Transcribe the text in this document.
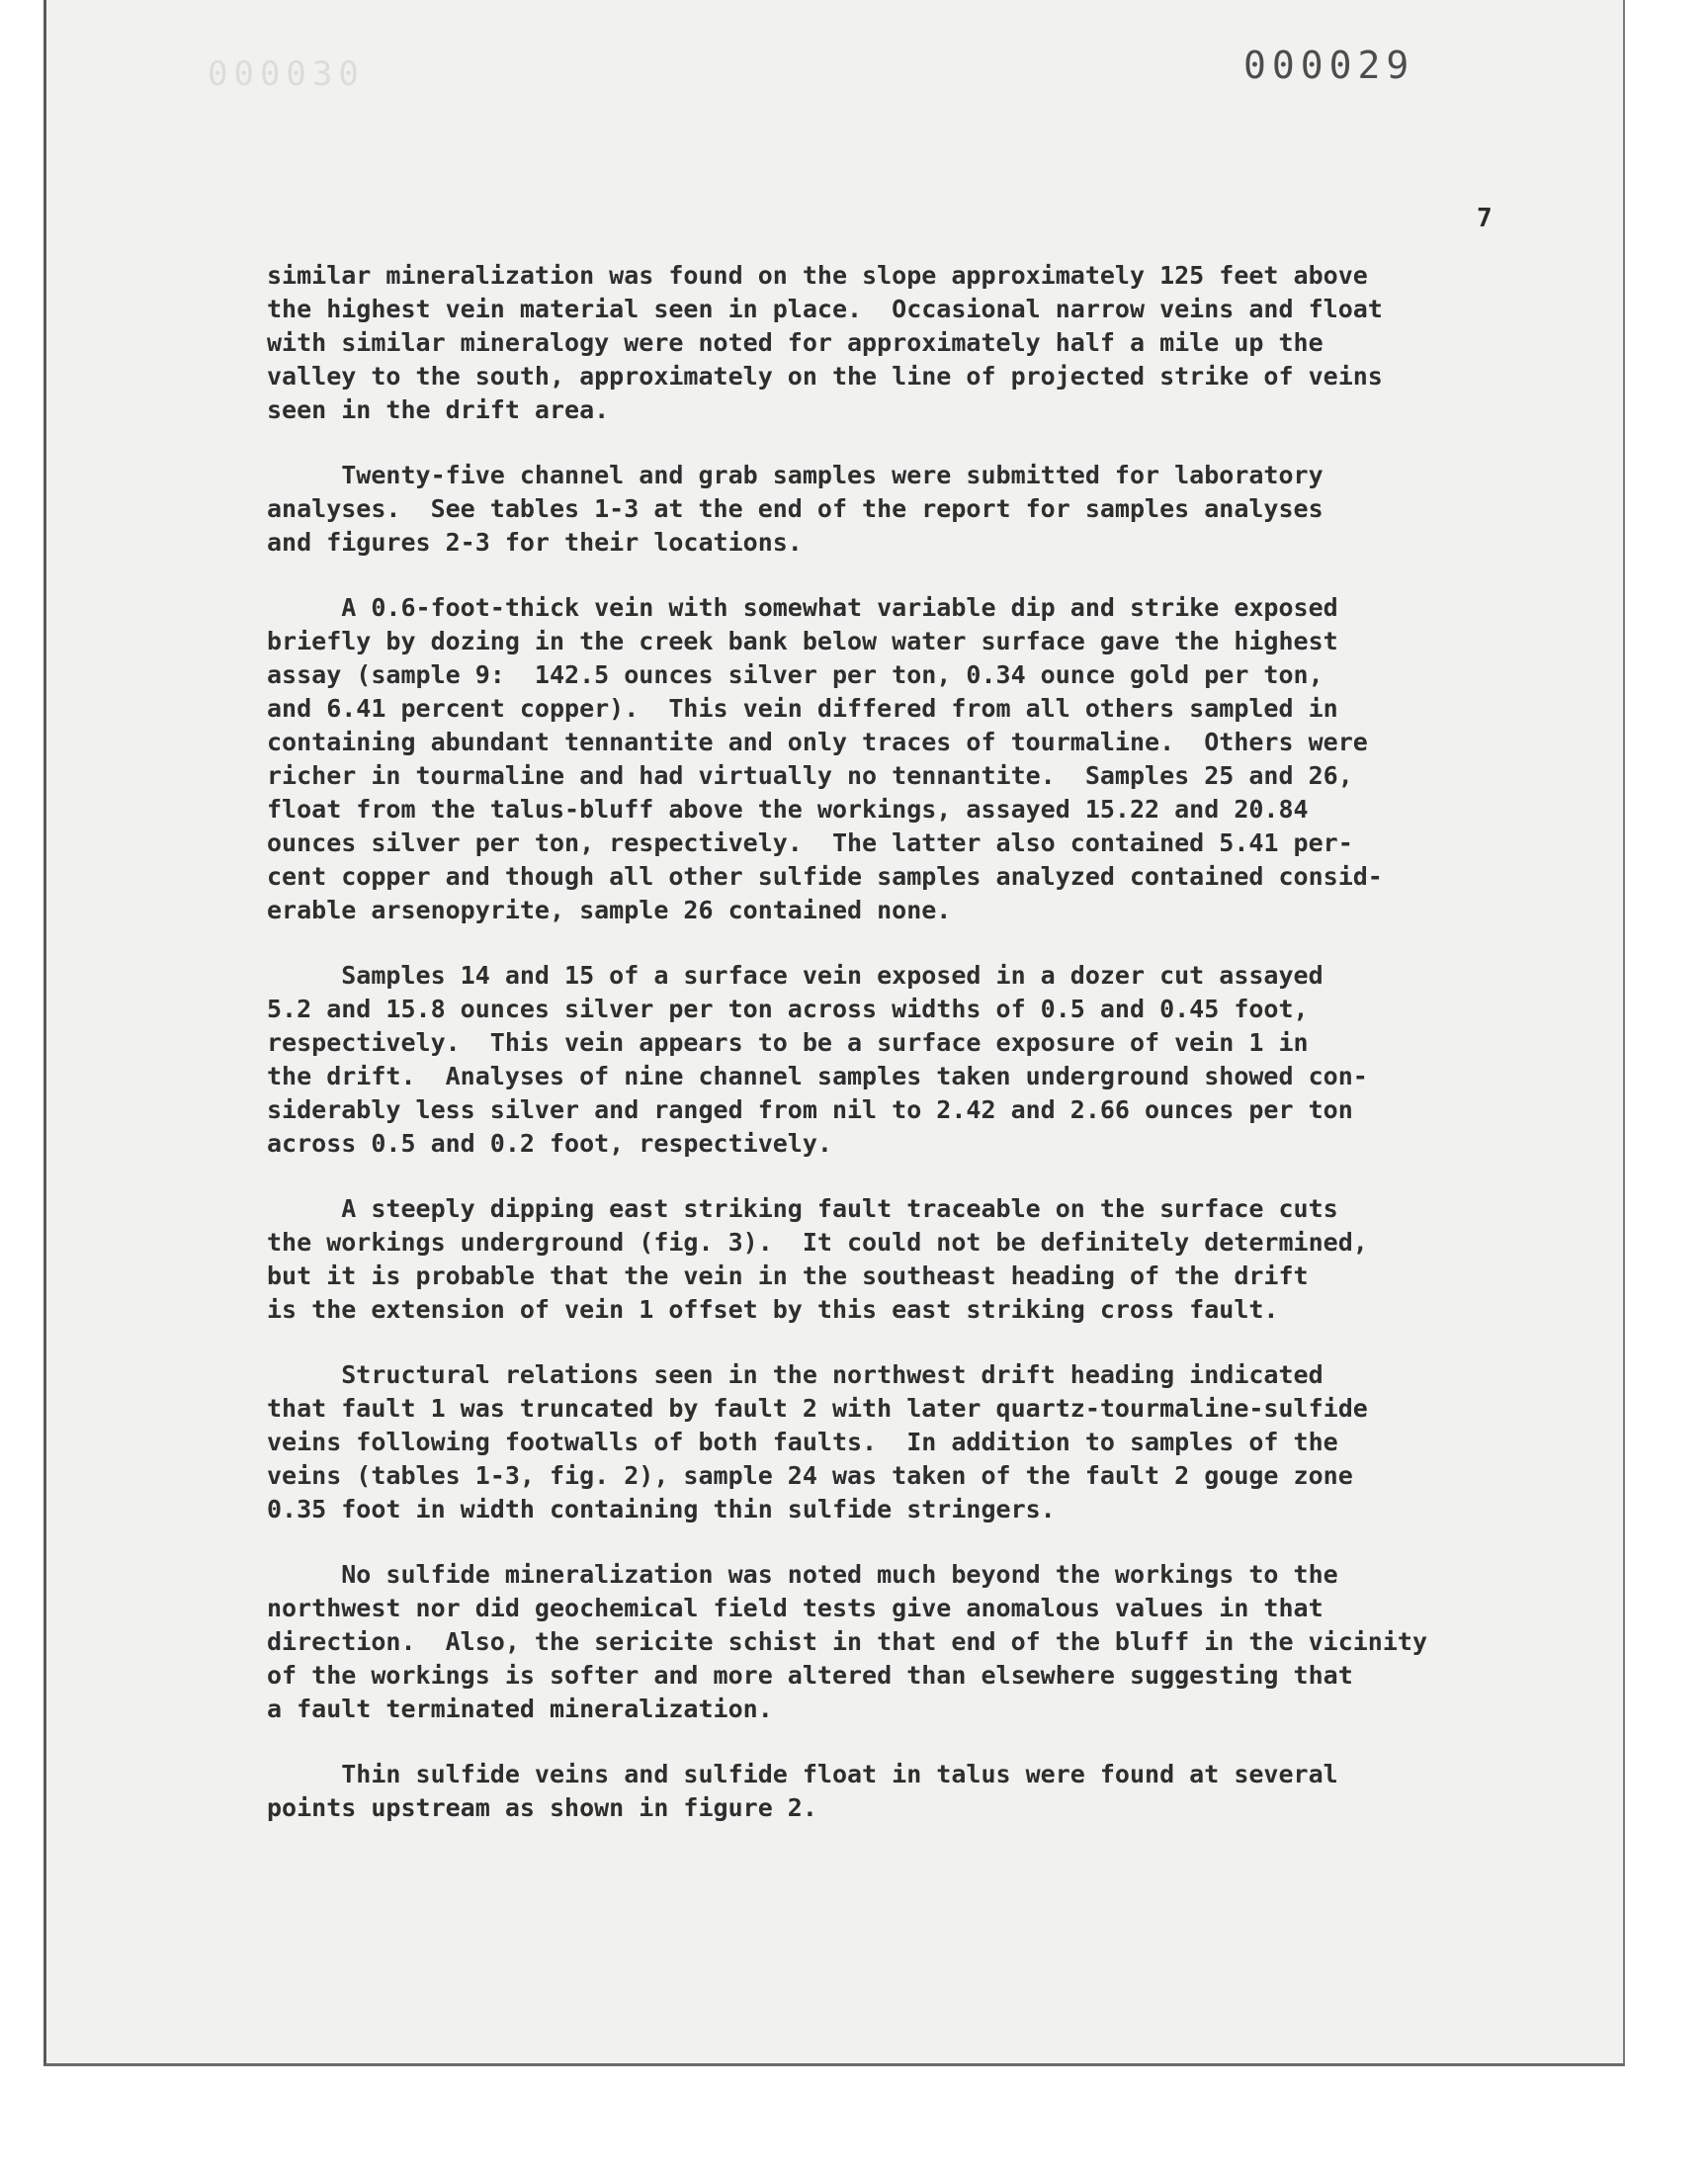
000030	000029
7

similar mineralization was found on the slope approximately 125 feet above
the highest vein material seen in place.  Occasional narrow veins and float
with similar mineralogy were noted for approximately half a mile up the
valley to the south, approximately on the line of projected strike of veins
seen in the drift area.

Twenty-five channel and grab samples were submitted for laboratory
analyses.  See tables 1-3 at the end of the report for samples analyses
and figures 2-3 for their locations.

A 0.6-foot-thick vein with somewhat variable dip and strike exposed
briefly by dozing in the creek bank below water surface gave the highest
assay (sample 9:  142.5 ounces silver per ton, 0.34 ounce gold per ton,
and 6.41 percent copper).  This vein differed from all others sampled in
containing abundant tennantite and only traces of tourmaline.  Others were
richer in tourmaline and had virtually no tennantite.  Samples 25 and 26,
float from the talus-bluff above the workings, assayed 15.22 and 20.84
ounces silver per ton, respectively.  The latter also contained 5.41 per-
cent copper and though all other sulfide samples analyzed contained consid-
erable arsenopyrite, sample 26 contained none.

Samples 14 and 15 of a surface vein exposed in a dozer cut assayed
5.2 and 15.8 ounces silver per ton across widths of 0.5 and 0.45 foot,
respectively.  This vein appears to be a surface exposure of vein 1 in
the drift.  Analyses of nine channel samples taken underground showed con-
siderably less silver and ranged from nil to 2.42 and 2.66 ounces per ton
across 0.5 and 0.2 foot, respectively.

A steeply dipping east striking fault traceable on the surface cuts
the workings underground (fig. 3).  It could not be definitely determined,
but it is probable that the vein in the southeast heading of the drift
is the extension of vein 1 offset by this east striking cross fault.

Structural relations seen in the northwest drift heading indicated
that fault 1 was truncated by fault 2 with later quartz-tourmaline-sulfide
veins following footwalls of both faults.  In addition to samples of the
veins (tables 1-3, fig. 2), sample 24 was taken of the fault 2 gouge zone
0.35 foot in width containing thin sulfide stringers.

No sulfide mineralization was noted much beyond the workings to the
northwest nor did geochemical field tests give anomalous values in that
direction.  Also, the sericite schist in that end of the bluff in the vicinity
of the workings is softer and more altered than elsewhere suggesting that
a fault terminated mineralization.

Thin sulfide veins and sulfide float in talus were found at several
points upstream as shown in figure 2.
